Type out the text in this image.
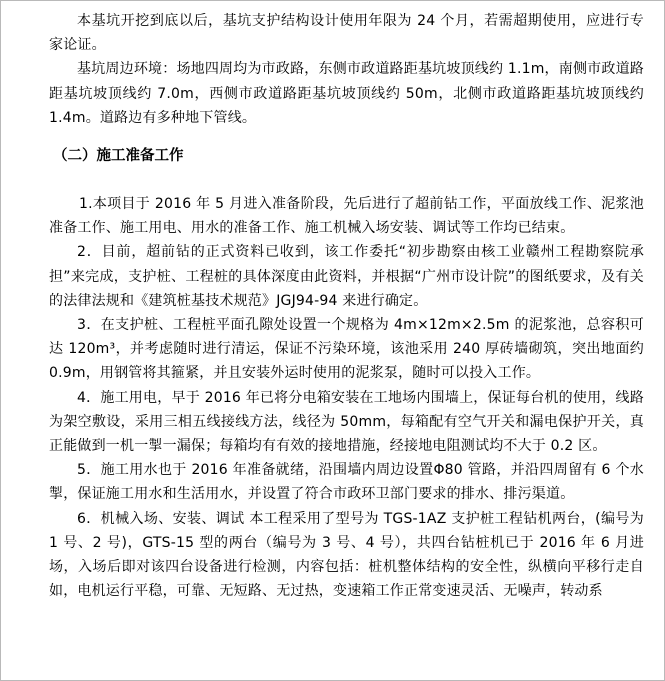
本基坑开挖到底以后，基坑支护结构设计使用年限为 24 个月，若需超期使用，应进行专家论证。

基坑周边环境：场地四周均为市政路，东侧市政道路距基坑坡顶线约 1.1m，南侧市政道路距基坑坡顶线约 7.0m，西侧市政道路距基坑坡顶线约 50m，北侧市政道路距基坑坡顶线约 1.4m。道路边有多种地下管线。

（二）施工准备工作

1.本项目于 2016 年 5 月进入准备阶段，先后进行了超前钻工作，平面放线工作、泥浆池准备工作、施工用电、用水的准备工作、施工机械入场安装、调试等工作均已结束。

2．目前，超前钻的正式资料已收到，该工作委托“初步勘察由核工业赣州工程勘察院承担”来完成，支护桩、工程桩的具体深度由此资料，并根据“广州市设计院”的图纸要求，及有关的法律法规和《建筑桩基技术规范》JGJ94-94 来进行确定。

3．在支护桩、工程桩平面孔隙处设置一个规格为 4m×12m×2.5m 的泥浆池，总容积可达 120m³，并考虑随时进行清运，保证不污染环境，该池采用 240 厚砖墙砌筑，突出地面约 0.9m，用钢管将其箍紧，并且安装外运时使用的泥浆泵，随时可以投入工作。

4．施工用电，早于 2016 年已将分电箱安装在工地场内围墙上，保证每台机的使用，线路为架空敷设，采用三相五线接线方法，线径为 50mm，每箱配有空气开关和漏电保护开关，真正能做到一机一掣一漏保；每箱均有有效的接地措施，经接地电阻测试均不大于 0.2 区。

5．施工用水也于 2016 年准备就绪，沿围墙内周边设置Φ80 管路，并沿四周留有 6 个水掣，保证施工用水和生活用水，并设置了符合市政环卫部门要求的排水、排污渠道。

6．机械入场、安装、调试 本工程采用了型号为 TGS-1AZ 支护桩工程钻机两台，(编号为 1 号、2 号)，GTS-15 型的两台（编号为 3 号、4 号），共四台钻桩机已于 2016 年 6 月进场，入场后即对该四台设备进行检测，内容包括：桩机整体结构的安全性，纵横向平移行走自如，电机运行平稳，可靠、无短路、无过热，变速箱工作正常变速灵活、无噪声，转动系
